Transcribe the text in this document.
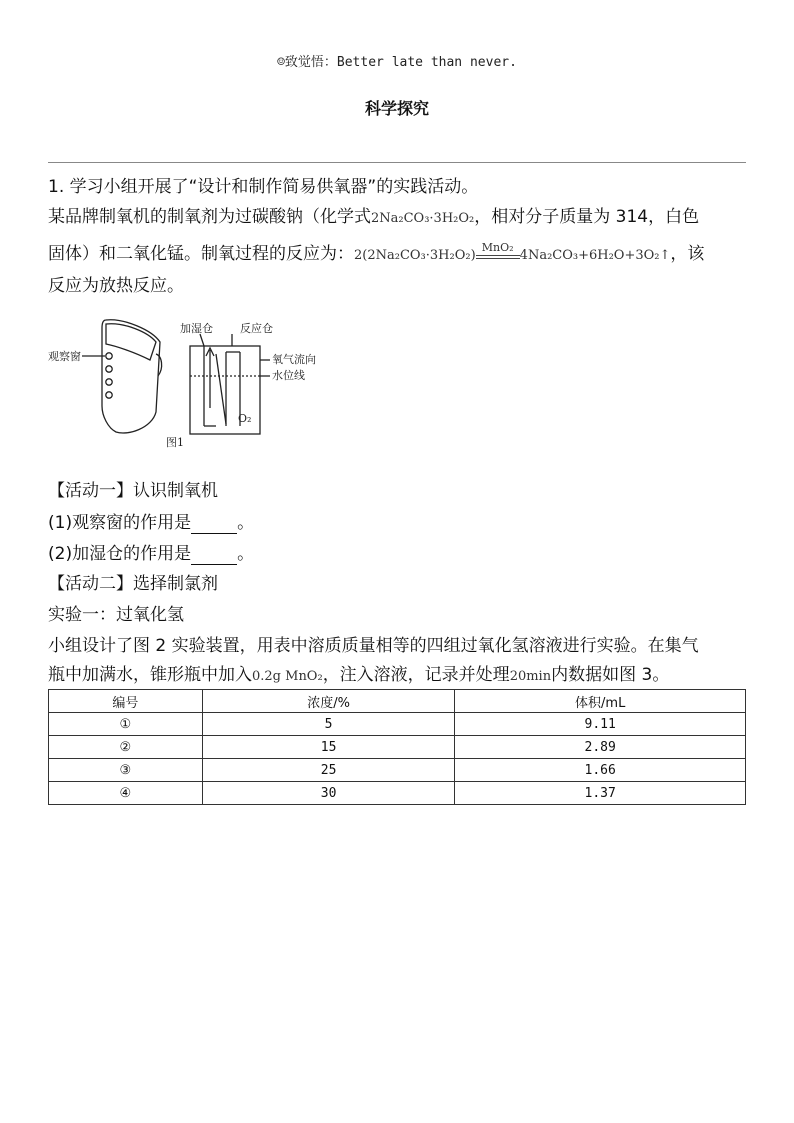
☺致觉悟：Better late than never.
科学探究
1. 学习小组开展了“设计和制作简易供氧器”的实践活动。
某品牌制氧机的制氧剂为过碳酸钠（化学式2Na₂CO₃·3H₂O₂，相对分子质量为 314，白色
固体）和二氧化锰。制氧过程的反应为：2(2Na₂CO₃·3H₂O₂)
MnO₂
4Na₂CO₃+6H₂O+3O₂↑，该
反应为放热反应。
观察窗
加湿仓 反应仓
氧气流向
水位线
O₂
图1
【活动一】认识制氧机
(1)观察窗的作用是	。
(2)加湿仓的作用是	。
【活动二】选择制氯剂
实验一：过氧化氢
小组设计了图 2 实验装置，用表中溶质质量相等的四组过氧化氢溶液进行实验。在集气
瓶中加满水，锥形瓶中加入0.2g MnO₂，注入溶液，记录并处理20min内数据如图 3。
编号	浓度/%	体积/mL
①	5	9.11
②	15	2.89
③	25	1.66
④	30	1.37
